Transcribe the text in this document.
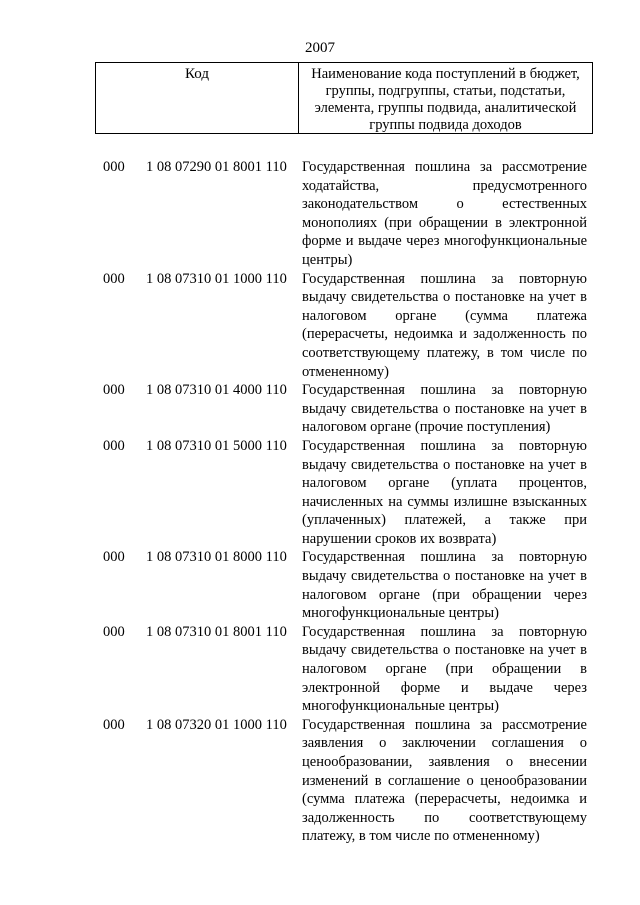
2007
Код	Наименование кода поступлений в бюджет, группы, подгруппы, статьи, подстатьи, элемента, группы подвида, аналитической группы подвида доходов
000 1 08 07290 01 8001 110 Государственная пошлина за рассмотрение ходатайства, предусмотренного законодательством о естественных монополиях (при обращении в электронной форме и выдаче через многофункциональные центры)
000 1 08 07310 01 1000 110 Государственная пошлина за повторную выдачу свидетельства о постановке на учет в налоговом органе (сумма платежа (перерасчеты, недоимка и задолженность по соответствующему платежу, в том числе по отмененному)
000 1 08 07310 01 4000 110 Государственная пошлина за повторную выдачу свидетельства о постановке на учет в налоговом органе (прочие поступления)
000 1 08 07310 01 5000 110 Государственная пошлина за повторную выдачу свидетельства о постановке на учет в налоговом органе (уплата процентов, начисленных на суммы излишне взысканных (уплаченных) платежей, а также при нарушении сроков их возврата)
000 1 08 07310 01 8000 110 Государственная пошлина за повторную выдачу свидетельства о постановке на учет в налоговом органе (при обращении через многофункциональные центры)
000 1 08 07310 01 8001 110 Государственная пошлина за повторную выдачу свидетельства о постановке на учет в налоговом органе (при обращении в электронной форме и выдаче через многофункциональные центры)
000 1 08 07320 01 1000 110 Государственная пошлина за рассмотрение заявления о заключении соглашения о ценообразовании, заявления о внесении изменений в соглашение о ценообразовании (сумма платежа (перерасчеты, недоимка и задолженность по соответствующему платежу, в том числе по отмененному)
